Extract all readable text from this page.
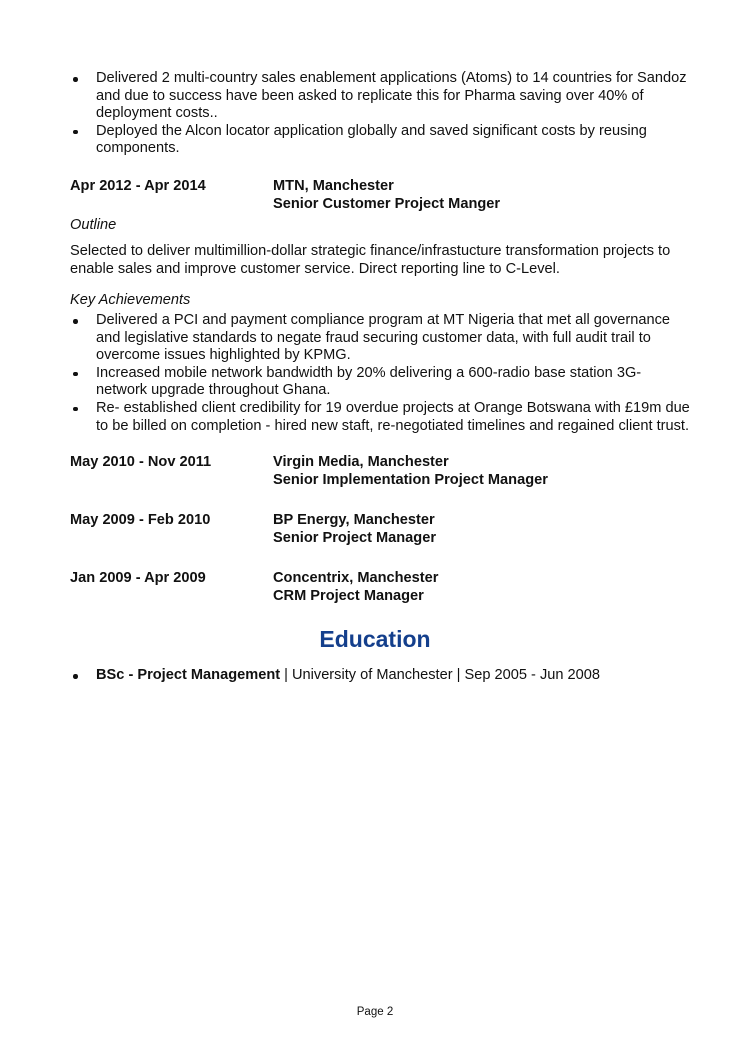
Delivered 2 multi-country sales enablement applications (Atoms) to 14 countries for Sandoz and due to success have been asked to replicate this for Pharma saving over 40% of deployment costs..
Deployed the Alcon locator application globally and saved significant costs by reusing components.
Apr 2012 - Apr 2014	MTN, Manchester
Senior Customer Project Manger
Outline
Selected to deliver multimillion-dollar strategic finance/infrastucture transformation projects to enable sales and improve customer service. Direct reporting line to C-Level.
Key Achievements
Delivered a PCI and payment compliance program at MT Nigeria that met all governance and legislative standards to negate fraud securing customer data, with full audit trail to overcome issues highlighted by KPMG.
Increased mobile network bandwidth by 20% delivering a 600-radio base station 3G-network upgrade throughout Ghana.
Re- established client credibility for 19 overdue projects at Orange Botswana with £19m due to be billed on completion - hired new staft, re-negotiated timelines and regained client trust.
May 2010 - Nov 2011	Virgin Media, Manchester
Senior Implementation Project Manager
May 2009 - Feb 2010	BP Energy, Manchester
Senior Project Manager
Jan 2009 - Apr 2009	Concentrix, Manchester
CRM Project Manager
Education
BSc - Project Management | University of Manchester | Sep 2005 - Jun 2008
Page 2
